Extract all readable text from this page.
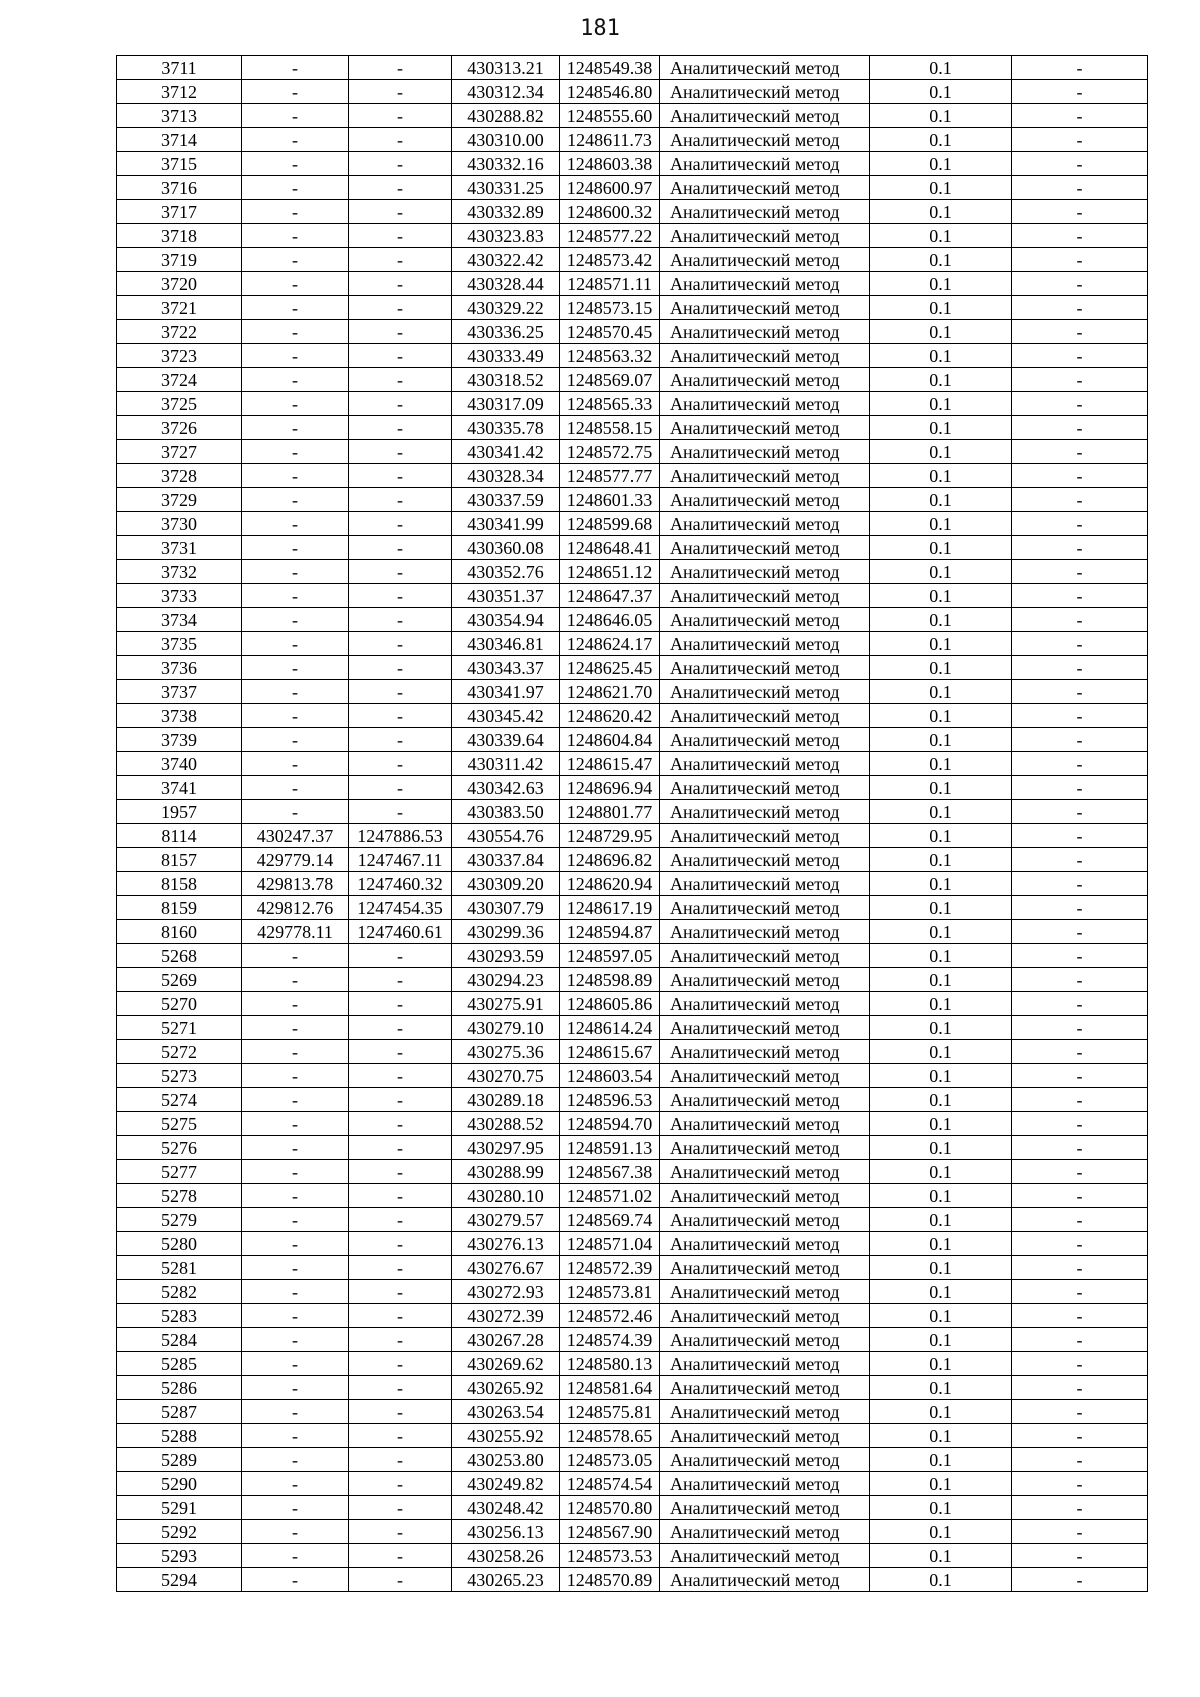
181
3711	-	-	430313.21	1248549.38	Аналитический метод	0.1	-
3712	-	-	430312.34	1248546.80	Аналитический метод	0.1	-
3713	-	-	430288.82	1248555.60	Аналитический метод	0.1	-
3714	-	-	430310.00	1248611.73	Аналитический метод	0.1	-
3715	-	-	430332.16	1248603.38	Аналитический метод	0.1	-
3716	-	-	430331.25	1248600.97	Аналитический метод	0.1	-
3717	-	-	430332.89	1248600.32	Аналитический метод	0.1	-
3718	-	-	430323.83	1248577.22	Аналитический метод	0.1	-
3719	-	-	430322.42	1248573.42	Аналитический метод	0.1	-
3720	-	-	430328.44	1248571.11	Аналитический метод	0.1	-
3721	-	-	430329.22	1248573.15	Аналитический метод	0.1	-
3722	-	-	430336.25	1248570.45	Аналитический метод	0.1	-
3723	-	-	430333.49	1248563.32	Аналитический метод	0.1	-
3724	-	-	430318.52	1248569.07	Аналитический метод	0.1	-
3725	-	-	430317.09	1248565.33	Аналитический метод	0.1	-
3726	-	-	430335.78	1248558.15	Аналитический метод	0.1	-
3727	-	-	430341.42	1248572.75	Аналитический метод	0.1	-
3728	-	-	430328.34	1248577.77	Аналитический метод	0.1	-
3729	-	-	430337.59	1248601.33	Аналитический метод	0.1	-
3730	-	-	430341.99	1248599.68	Аналитический метод	0.1	-
3731	-	-	430360.08	1248648.41	Аналитический метод	0.1	-
3732	-	-	430352.76	1248651.12	Аналитический метод	0.1	-
3733	-	-	430351.37	1248647.37	Аналитический метод	0.1	-
3734	-	-	430354.94	1248646.05	Аналитический метод	0.1	-
3735	-	-	430346.81	1248624.17	Аналитический метод	0.1	-
3736	-	-	430343.37	1248625.45	Аналитический метод	0.1	-
3737	-	-	430341.97	1248621.70	Аналитический метод	0.1	-
3738	-	-	430345.42	1248620.42	Аналитический метод	0.1	-
3739	-	-	430339.64	1248604.84	Аналитический метод	0.1	-
3740	-	-	430311.42	1248615.47	Аналитический метод	0.1	-
3741	-	-	430342.63	1248696.94	Аналитический метод	0.1	-
1957	-	-	430383.50	1248801.77	Аналитический метод	0.1	-
8114	430247.37	1247886.53	430554.76	1248729.95	Аналитический метод	0.1	-
8157	429779.14	1247467.11	430337.84	1248696.82	Аналитический метод	0.1	-
8158	429813.78	1247460.32	430309.20	1248620.94	Аналитический метод	0.1	-
8159	429812.76	1247454.35	430307.79	1248617.19	Аналитический метод	0.1	-
8160	429778.11	1247460.61	430299.36	1248594.87	Аналитический метод	0.1	-
5268	-	-	430293.59	1248597.05	Аналитический метод	0.1	-
5269	-	-	430294.23	1248598.89	Аналитический метод	0.1	-
5270	-	-	430275.91	1248605.86	Аналитический метод	0.1	-
5271	-	-	430279.10	1248614.24	Аналитический метод	0.1	-
5272	-	-	430275.36	1248615.67	Аналитический метод	0.1	-
5273	-	-	430270.75	1248603.54	Аналитический метод	0.1	-
5274	-	-	430289.18	1248596.53	Аналитический метод	0.1	-
5275	-	-	430288.52	1248594.70	Аналитический метод	0.1	-
5276	-	-	430297.95	1248591.13	Аналитический метод	0.1	-
5277	-	-	430288.99	1248567.38	Аналитический метод	0.1	-
5278	-	-	430280.10	1248571.02	Аналитический метод	0.1	-
5279	-	-	430279.57	1248569.74	Аналитический метод	0.1	-
5280	-	-	430276.13	1248571.04	Аналитический метод	0.1	-
5281	-	-	430276.67	1248572.39	Аналитический метод	0.1	-
5282	-	-	430272.93	1248573.81	Аналитический метод	0.1	-
5283	-	-	430272.39	1248572.46	Аналитический метод	0.1	-
5284	-	-	430267.28	1248574.39	Аналитический метод	0.1	-
5285	-	-	430269.62	1248580.13	Аналитический метод	0.1	-
5286	-	-	430265.92	1248581.64	Аналитический метод	0.1	-
5287	-	-	430263.54	1248575.81	Аналитический метод	0.1	-
5288	-	-	430255.92	1248578.65	Аналитический метод	0.1	-
5289	-	-	430253.80	1248573.05	Аналитический метод	0.1	-
5290	-	-	430249.82	1248574.54	Аналитический метод	0.1	-
5291	-	-	430248.42	1248570.80	Аналитический метод	0.1	-
5292	-	-	430256.13	1248567.90	Аналитический метод	0.1	-
5293	-	-	430258.26	1248573.53	Аналитический метод	0.1	-
5294	-	-	430265.23	1248570.89	Аналитический метод	0.1	-
